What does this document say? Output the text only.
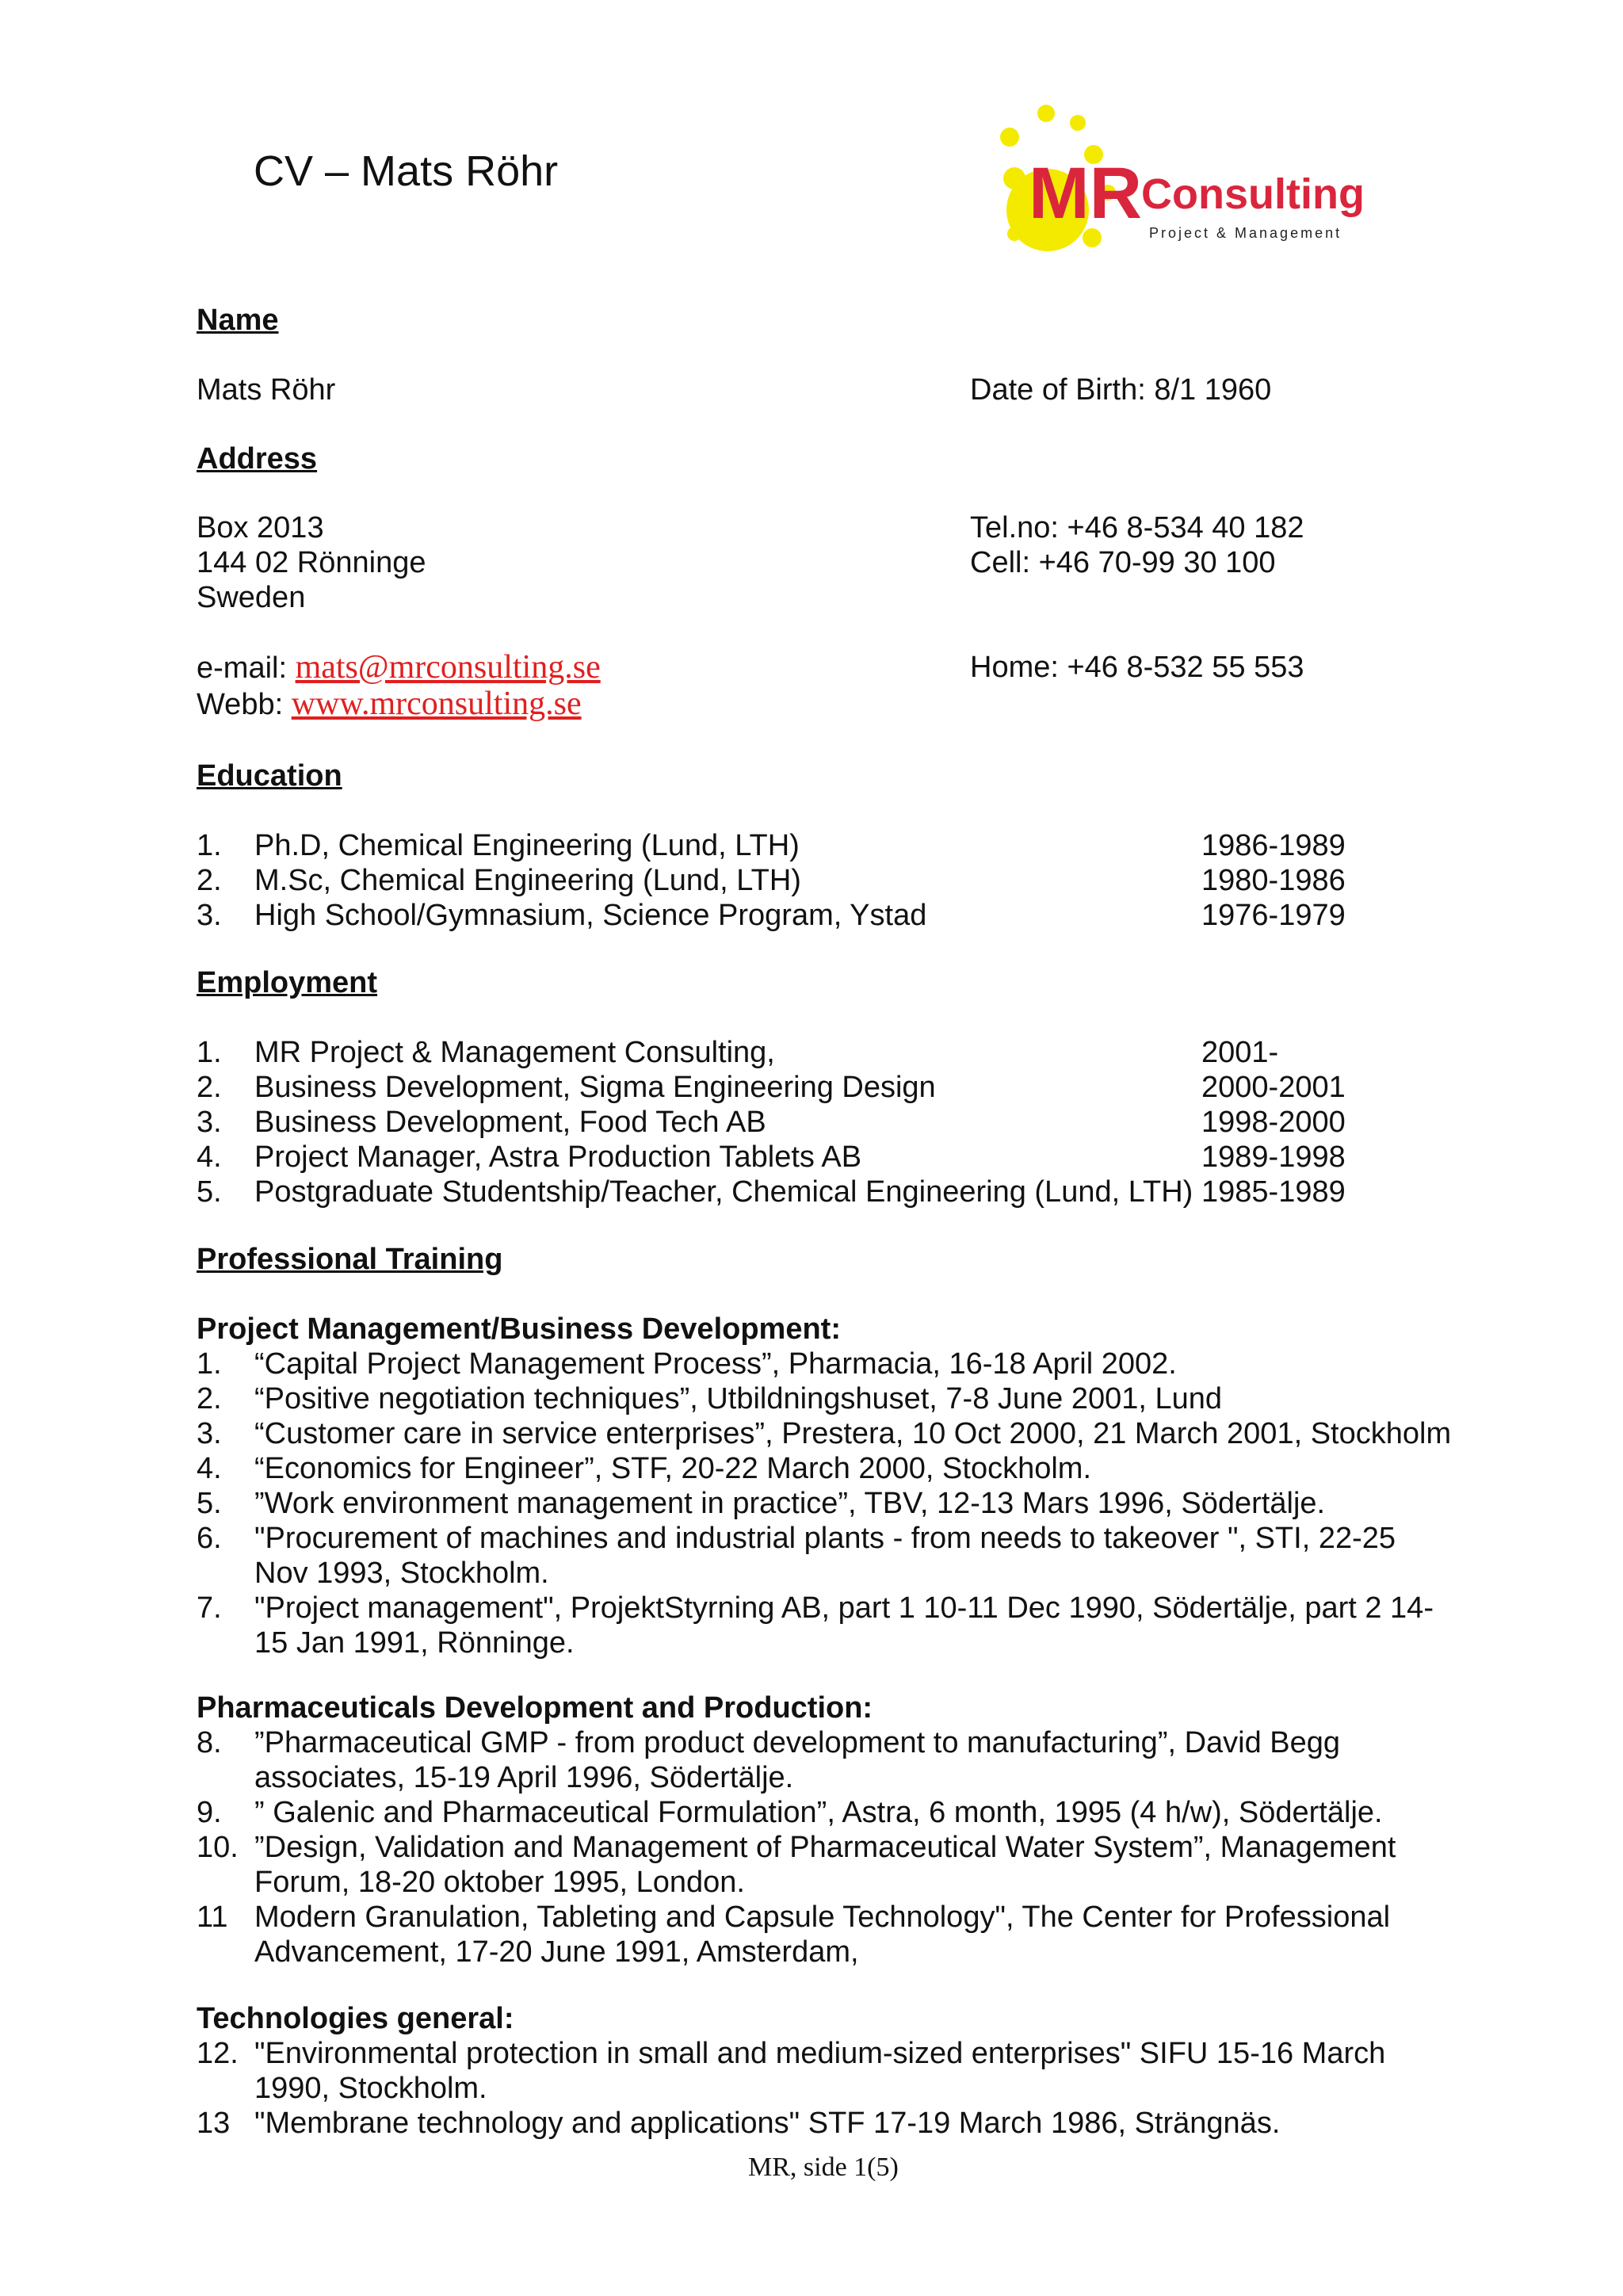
CV – Mats Röhr	MR
Consulting
Project & Management
Name
Mats Röhr	Date of Birth: 8/1 1960
Address
Box 2013
144 02 Rönninge
Sweden
Tel.no: +46 8-534 40 182
Cell: +46 70-99 30 100
e-mail: mats@mrconsulting.se	Home: +46 8-532 55 553
Webb: www.mrconsulting.se
Education
Employment
Professional Training
Project Management/Business Development:
Pharmaceuticals Development and Production:
Technologies general:
MR, side 1(5)
1. Ph.D, Chemical Engineering (Lund, LTH)	1986-1989
2. M.Sc, Chemical Engineering (Lund, LTH)	1980-1986
3. High School/Gymnasium, Science Program, Ystad	1976-1979
1. MR Project & Management Consulting,	2001-
2. Business Development, Sigma Engineering Design	2000-2001
3. Business Development, Food Tech AB	1998-2000
4. Project Manager, Astra Production Tablets AB	1989-1998
5. Postgraduate Studentship/Teacher, Chemical Engineering (Lund, LTH) 1985-1989
1. “Capital Project Management Process”, Pharmacia, 16-18 April 2002.
2. “Positive negotiation techniques”, Utbildningshuset, 7-8 June 2001, Lund
3. “Customer care in service enterprises”, Prestera, 10 Oct 2000, 21 March 2001, Stockholm
4. “Economics for Engineer”, STF, 20-22 March 2000, Stockholm.
5. ”Work environment management in practice”, TBV, 12-13 Mars 1996, Södertälje.
6. "Procurement of machines and industrial plants - from needs to takeover ", STI, 22-25
Nov 1993, Stockholm.
7. "Project management", ProjektStyrning AB, part 1 10-11 Dec 1990, Södertälje, part 2 14-
15 Jan 1991, Rönninge.
8. ”Pharmaceutical GMP - from product development to manufacturing”, David Begg
associates, 15-19 April 1996, Södertälje.
9. ” Galenic and Pharmaceutical Formulation”, Astra, 6 month, 1995 (4 h/w), Södertälje.
10. ”Design, Validation and Management of Pharmaceutical Water System”, Management
Forum, 18-20 oktober 1995, London.
11 Modern Granulation, Tableting and Capsule Technology", The Center for Professional
Advancement, 17-20 June 1991, Amsterdam,
12. "Environmental protection in small and medium-sized enterprises" SIFU 15-16 March
1990, Stockholm.
13 "Membrane technology and applications" STF 17-19 March 1986, Strängnäs.
